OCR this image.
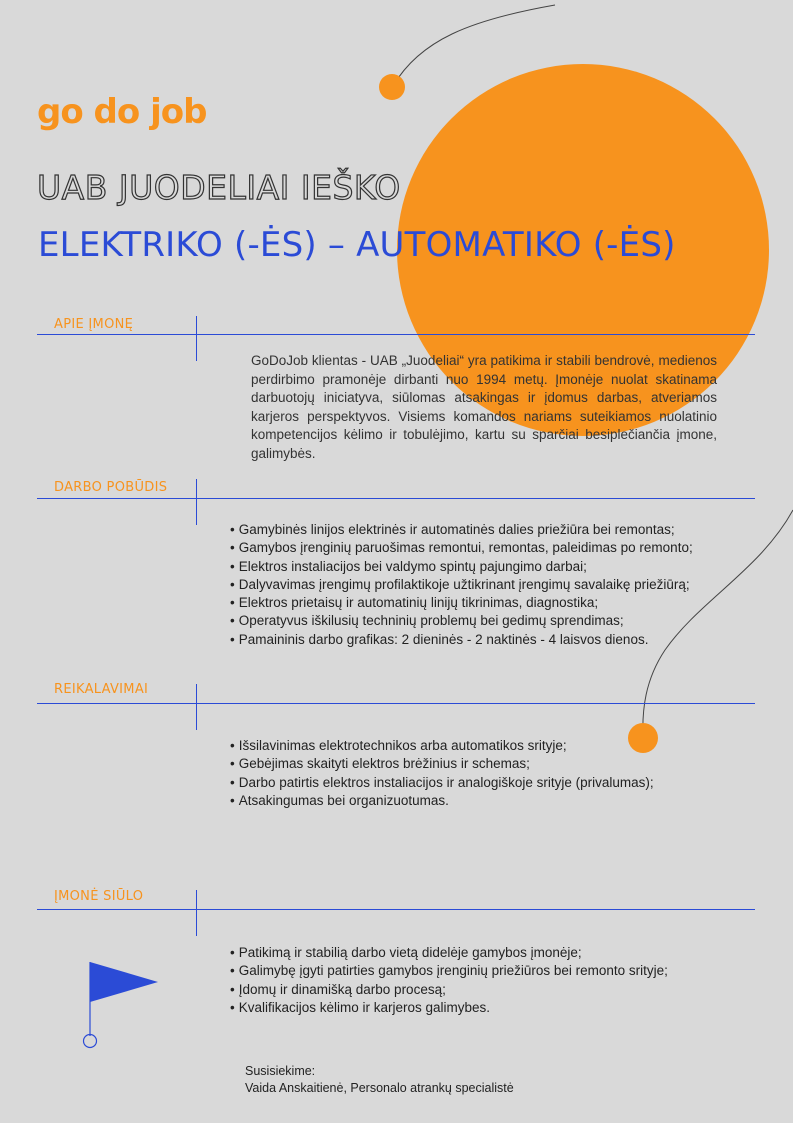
go do job
UAB JUODELIAI IEŠKO
ELEKTRIKO (-ĖS) – AUTOMATIKO (-ĖS)
APIE ĮMONĘ
GoDoJob klientas - UAB „Juodeliai“ yra patikima ir stabili bendrovė, medienos perdirbimo pramonėje dirbanti nuo 1994 metų. Įmonėje nuolat skatinama darbuotojų iniciatyva, siūlomas atsakingas ir įdomus darbas, atveriamos karjeros perspektyvos. Visiems komandos nariams suteikiamos nuolatinio kompetencijos kėlimo ir tobulėjimo, kartu su sparčiai besiplečiančia įmone, galimybės.
DARBO POBŪDIS
• Gamybinės linijos elektrinės ir automatinės dalies priežiūra bei remontas;
• Gamybos įrenginių paruošimas remontui, remontas, paleidimas po remonto;
• Elektros instaliacijos bei valdymo spintų pajungimo darbai;
• Dalyvavimas įrengimų profilaktikoje užtikrinant įrengimų savalaikę priežiūrą;
• Elektros prietaisų ir automatinių linijų tikrinimas, diagnostika;
• Operatyvus iškilusių techninių problemų bei gedimų sprendimas;
• Pamaininis darbo grafikas: 2 dieninės - 2 naktinės - 4 laisvos dienos.
REIKALAVIMAI
• Išsilavinimas elektrotechnikos arba automatikos srityje;
• Gebėjimas skaityti elektros brėžinius ir schemas;
• Darbo patirtis elektros instaliacijos ir analogiškoje srityje (privalumas);
• Atsakingumas bei organizuotumas.
ĮMONĖ SIŪLO
• Patikimą ir stabilią darbo vietą didelėje gamybos įmonėje;
• Galimybę įgyti patirties gamybos įrenginių priežiūros bei remonto srityje;
• Įdomų ir dinamišką darbo procesą;
• Kvalifikacijos kėlimo ir karjeros galimybes.
Susisiekime:
Vaida Anskaitienė, Personalo atrankų specialistė
